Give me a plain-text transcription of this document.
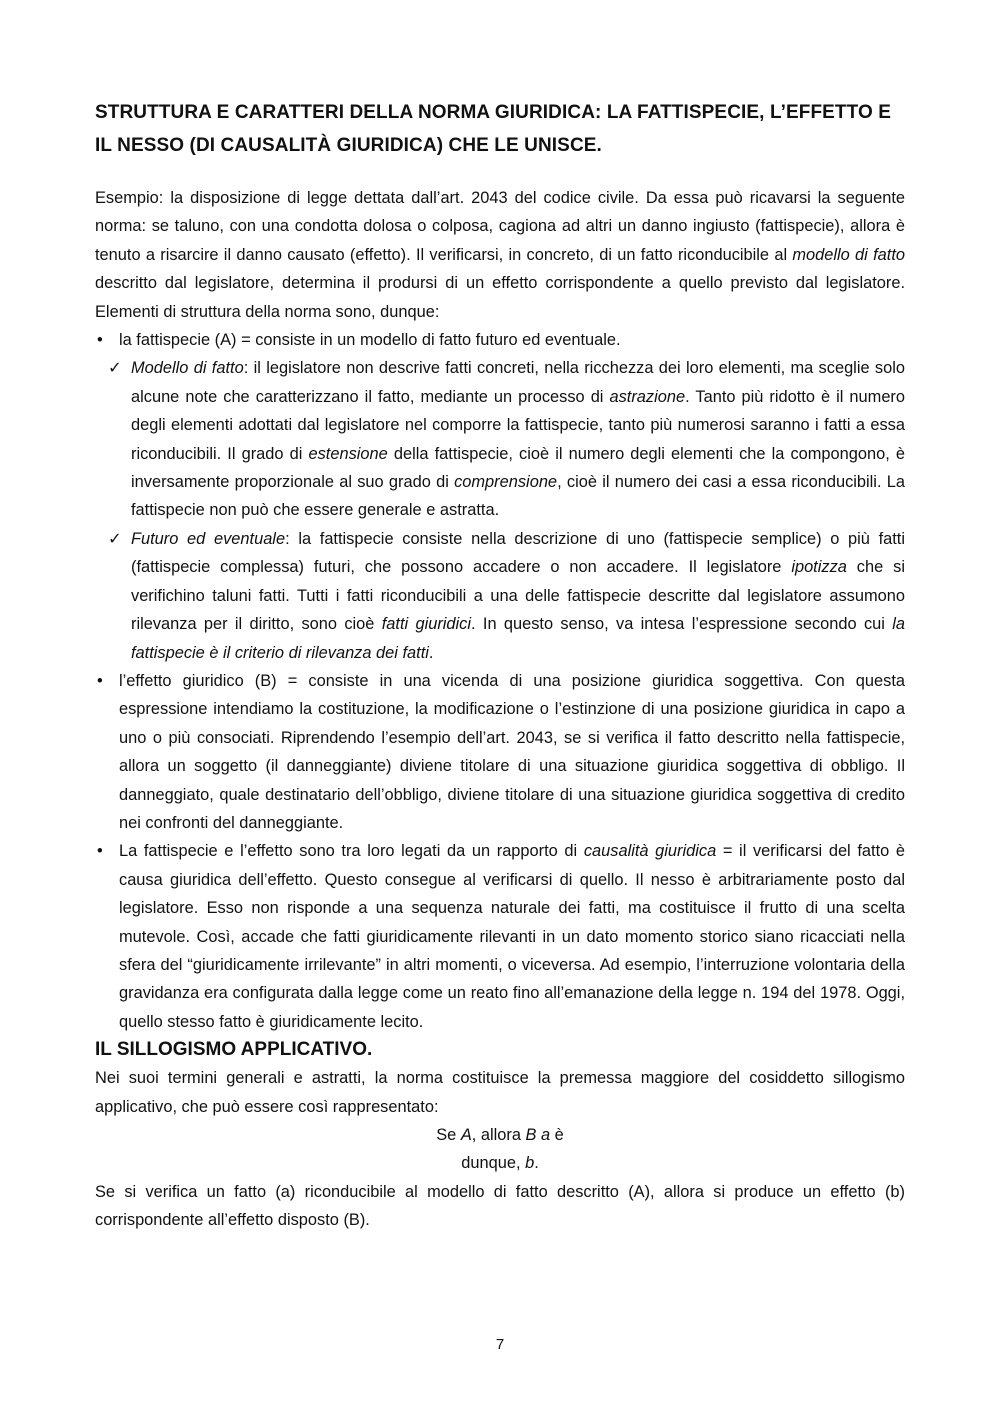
STRUTTURA E CARATTERI DELLA NORMA GIURIDICA: LA FATTISPECIE, L’EFFETTO E IL NESSO (DI CAUSALITÀ GIURIDICA) CHE LE UNISCE.

Esempio: la disposizione di legge dettata dall’art. 2043 del codice civile. Da essa può ricavarsi la seguente norma: se taluno, con una condotta dolosa o colposa, cagiona ad altri un danno ingiusto (fattispecie), allora è tenuto a risarcire il danno causato (effetto). Il verificarsi, in concreto, di un fatto riconducibile al modello di fatto descritto dal legislatore, determina il prodursi di un effetto corrispondente a quello previsto dal legislatore. Elementi di struttura della norma sono, dunque:

• la fattispecie (A) = consiste in un modello di fatto futuro ed eventuale.
✓ Modello di fatto: il legislatore non descrive fatti concreti, nella ricchezza dei loro elementi, ma sceglie solo alcune note che caratterizzano il fatto, mediante un processo di astrazione. Tanto più ridotto è il numero degli elementi adottati dal legislatore nel comporre la fattispecie, tanto più numerosi saranno i fatti a essa riconducibili. Il grado di estensione della fattispecie, cioè il numero degli elementi che la compongono, è inversamente proporzionale al suo grado di comprensione, cioè il numero dei casi a essa riconducibili. La fattispecie non può che essere generale e astratta.
✓ Futuro ed eventuale: la fattispecie consiste nella descrizione di uno (fattispecie semplice) o più fatti (fattispecie complessa) futuri, che possono accadere o non accadere. Il legislatore ipotizza che si verifichino taluni fatti. Tutti i fatti riconducibili a una delle fattispecie descritte dal legislatore assumono rilevanza per il diritto, sono cioè fatti giuridici. In questo senso, va intesa l’espressione secondo cui la fattispecie è il criterio di rilevanza dei fatti.
• l’effetto giuridico (B) = consiste in una vicenda di una posizione giuridica soggettiva. Con questa espressione intendiamo la costituzione, la modificazione o l’estinzione di una posizione giuridica in capo a uno o più consociati. Riprendendo l’esempio dell’art. 2043, se si verifica il fatto descritto nella fattispecie, allora un soggetto (il danneggiante) diviene titolare di una situazione giuridica soggettiva di obbligo. Il danneggiato, quale destinatario dell’obbligo, diviene titolare di una situazione giuridica soggettiva di credito nei confronti del danneggiante.
• La fattispecie e l’effetto sono tra loro legati da un rapporto di causalità giuridica = il verificarsi del fatto è causa giuridica dell’effetto. Questo consegue al verificarsi di quello. Il nesso è arbitrariamente posto dal legislatore. Esso non risponde a una sequenza naturale dei fatti, ma costituisce il frutto di una scelta mutevole. Così, accade che fatti giuridicamente rilevanti in un dato momento storico siano ricacciati nella sfera del “giuridicamente irrilevante” in altri momenti, o viceversa. Ad esempio, l’interruzione volontaria della gravidanza era configurata dalla legge come un reato fino all’emanazione della legge n. 194 del 1978. Oggi, quello stesso fatto è giuridicamente lecito.
IL SILLOGISMO APPLICATIVO.

Nei suoi termini generali e astratti, la norma costituisce la premessa maggiore del cosiddetto sillogismo applicativo, che può essere così rappresentato:

Se A, allora B a è

dunque, b.

Se si verifica un fatto (a) riconducibile al modello di fatto descritto (A), allora si produce un effetto (b) corrispondente all’effetto disposto (B).

7
